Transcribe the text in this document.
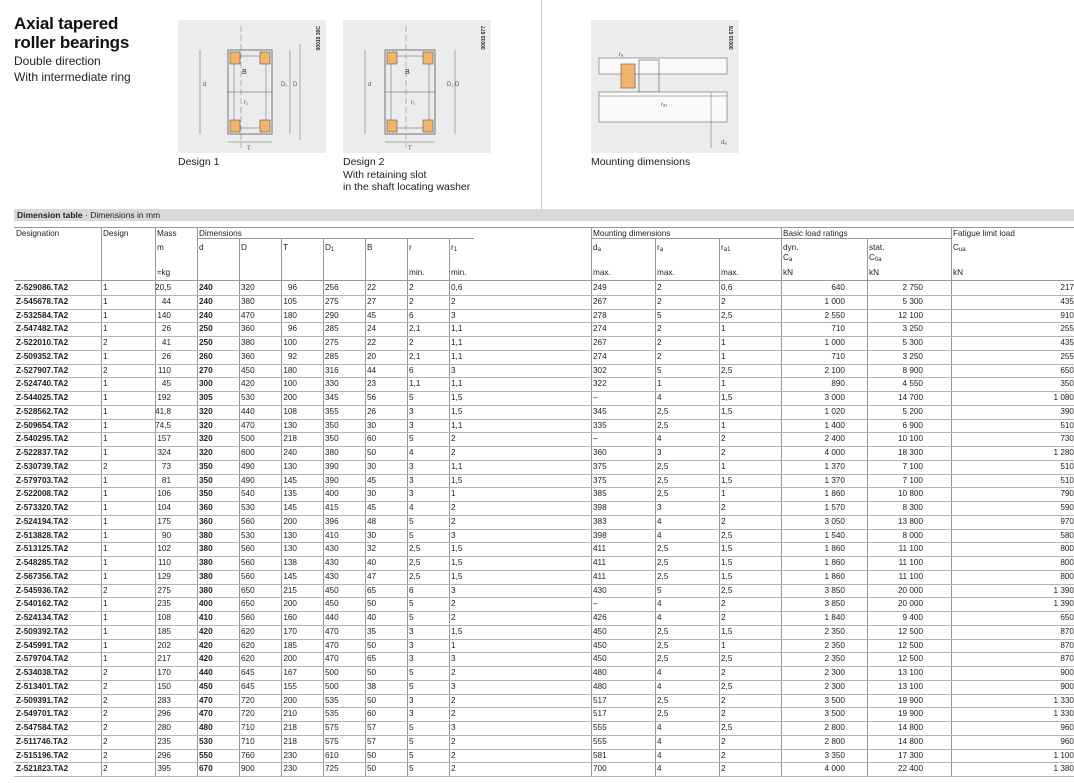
Axial tapered
roller bearings
Double direction
With intermediate ring	B
d	D₁ D
r₁
T
00015 30C
Design 1
B
d	D₁ D
r₁
T
00015 677
Design 2
With retaining slot
in the shaft locating washer
rₐ
rₐ₁
dₐ
00015 678
Mounting dimensions
Dimension table · Dimensions in mm
Designation	Design	Mass
m
≈kg
Dimensions
d	D	T	$D_1$	B	r
min.
$r_1$
min.
Mounting dimensions
$d_a$
max.
$r_a$
max.
$r_{a1}$
max.
Basic load ratings
dyn.
$C_a$
kN
stat.
$C_{0a}$
kN
Fatigue limit load
$C_{ua}$
kN
Z-529086.TA2	1	20,5	240	320	96	256	22	2	0,6	249	2	0,6	640	2 750	217
Z-545678.TA2	1	44	240	380	105	275	27	2	2	267	2	2	1 000	5 300	435
Z-532584.TA2	1	140	240	470	180	290	45	6	3	278	5	2,5	2 550	12 100	910
Z-547482.TA2	1	26	250	360	96	285	24	2,1	1,1	274	2	1	710	3 250	255
Z-522010.TA2	2	41	250	380	100	275	22	2	1,1	267	2	1	1 000	5 300	435
Z-509352.TA2	1	26	260	360	92	285	20	2,1	1,1	274	2	1	710	3 250	255
Z-527907.TA2	2	110	270	450	180	316	44	6	3	302	5	2,5	2 100	8 900	650
Z-524740.TA2	1	45	300	420	100	330	23	1,1	1,1	322	1	1	890	4 550	350
Z-544025.TA2	1	192	305	530	200	345	56	5	1,5	–	4	1,5	3 000	14 700	1 080
Z-528562.TA2	1	41,8	320	440	108	355	26	3	1,5	345	2,5	1,5	1 020	5 200	390
Z-509654.TA2	1	74,5	320	470	130	350	30	3	1,1	335	2,5	1	1 400	6 900	510
Z-540295.TA2	1	157	320	500	218	350	60	5	2	–	4	2	2 400	10 100	730
Z-522837.TA2	1	324	320	600	240	380	50	4	2	360	3	2	4 000	18 300	1 280
Z-530739.TA2	2	73	350	490	130	390	30	3	1,1	375	2,5	1	1 370	7 100	510
Z-579703.TA2	1	81	350	490	145	390	45	3	1,5	375	2,5	1,5	1 370	7 100	510
Z-522008.TA2	1	106	350	540	135	400	30	3	1	385	2,5	1	1 860	10 800	790
Z-573320.TA2	1	104	360	530	145	415	45	4	2	398	3	2	1 570	8 300	590
Z-524194.TA2	1	175	360	560	200	396	48	5	2	383	4	2	3 050	13 800	970
Z-513828.TA2	1	90	380	530	130	410	30	5	3	398	4	2,5	1 540	8 000	580
Z-513125.TA2	1	102	380	560	130	430	32	2,5	1,5	411	2,5	1,5	1 860	11 100	800
Z-548285.TA2	1	110	380	560	138	430	40	2,5	1,5	411	2,5	1,5	1 860	11 100	800
Z-567356.TA2	1	129	380	560	145	430	47	2,5	1,5	411	2,5	1,5	1 860	11 100	800
Z-545936.TA2	2	275	380	650	215	450	65	6	3	430	5	2,5	3 850	20 000	1 390
Z-540162.TA2	1	235	400	650	200	450	50	5	2	–	4	2	3 850	20 000	1 390
Z-524134.TA2	1	108	410	560	160	440	40	5	2	426	4	2	1 840	9 400	650
Z-509392.TA2	1	185	420	620	170	470	35	3	1,5	450	2,5	1,5	2 350	12 500	870
Z-545991.TA2	1	202	420	620	185	470	50	3	1	450	2,5	1	2 350	12 500	870
Z-579704.TA2	1	217	420	620	200	470	65	3	3	450	2,5	2,5	2 350	12 500	870
Z-534038.TA2	2	170	440	645	167	500	50	5	2	480	4	2	2 300	13 100	900
Z-513401.TA2	2	150	450	645	155	500	38	5	3	480	4	2,5	2 300	13 100	900
Z-509391.TA2	2	283	470	720	200	535	50	3	2	517	2,5	2	3 500	19 900	1 330
Z-549701.TA2	2	296	470	720	210	535	60	3	2	517	2,5	2	3 500	19 900	1 330
Z-547584.TA2	2	280	480	710	218	575	57	5	3	555	4	2,5	2 800	14 800	960
Z-511746.TA2	2	235	530	710	218	575	57	5	2	555	4	2	2 800	14 800	960
Z-515196.TA2	2	296	550	760	230	610	50	5	2	581	4	2	3 350	17 300	1 100
Z-521823.TA2	2	395	670	900	230	725	50	5	2	700	4	2	4 000	22 400	1 380
